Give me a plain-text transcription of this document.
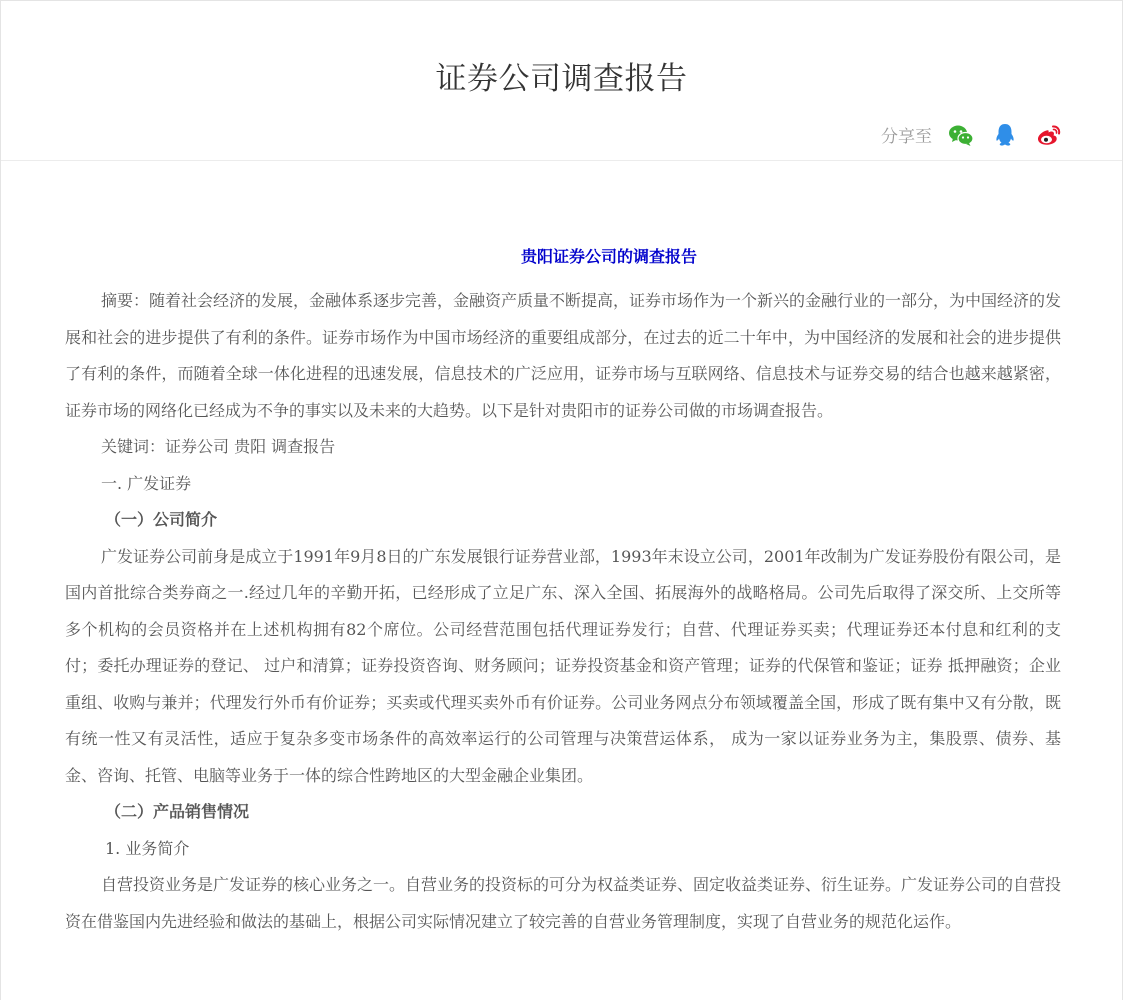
证券公司调查报告
分享至
贵阳证券公司的调查报告

摘要：随着社会经济的发展，金融体系逐步完善，金融资产质量不断提高，证券市场作为一个新兴的金融行业的一部分，为中国经济的发展和社会的进步提供了有利的条件。证券市场作为中国市场经济的重要组成部分，在过去的近二十年中，为中国经济的发展和社会的进步提供了有利的条件，而随着全球一体化进程的迅速发展，信息技术的广泛应用，证券市场与互联网络、信息技术与证券交易的结合也越来越紧密，证券市场的网络化已经成为不争的事实以及未来的大趋势。以下是针对贵阳市的证券公司做的市场调查报告。

关键词：证券公司 贵阳 调查报告

一. 广发证券

（一）公司简介

广发证券公司前身是成立于1991年9月8日的广东发展银行证券营业部，1993年末设立公司，2001年改制为广发证券股份有限公司，是国内首批综合类券商之一.经过几年的辛勤开拓，已经形成了立足广东、深入全国、拓展海外的战略格局。公司先后取得了深交所、上交所等多个机构的会员资格并在上述机构拥有82个席位。公司经营范围包括代理证券发行；自营、代理证券买卖；代理证券还本付息和红利的支付；委托办理证券的登记、 过户和清算；证券投资咨询、财务顾问；证券投资基金和资产管理；证券的代保管和鉴证；证券 抵押融资；企业重组、收购与兼并；代理发行外币有价证券；买卖或代理买卖外币有价证券。公司业务网点分布领域覆盖全国，形成了既有集中又有分散，既有统一性又有灵活性，适应于复杂多变市场条件的高效率运行的公司管理与决策营运体系， 成为一家以证券业务为主，集股票、债券、基金、咨询、托管、电脑等业务于一体的综合性跨地区的大型金融企业集团。

（二）产品销售情况

1. 业务简介

自营投资业务是广发证券的核心业务之一。自营业务的投资标的可分为权益类证券、固定收益类证券、衍生证券。广发证券公司的自营投资在借鉴国内先进经验和做法的基础上，根据公司实际情况建立了较完善的自营业务管理制度，实现了自营业务的规范化运作。
